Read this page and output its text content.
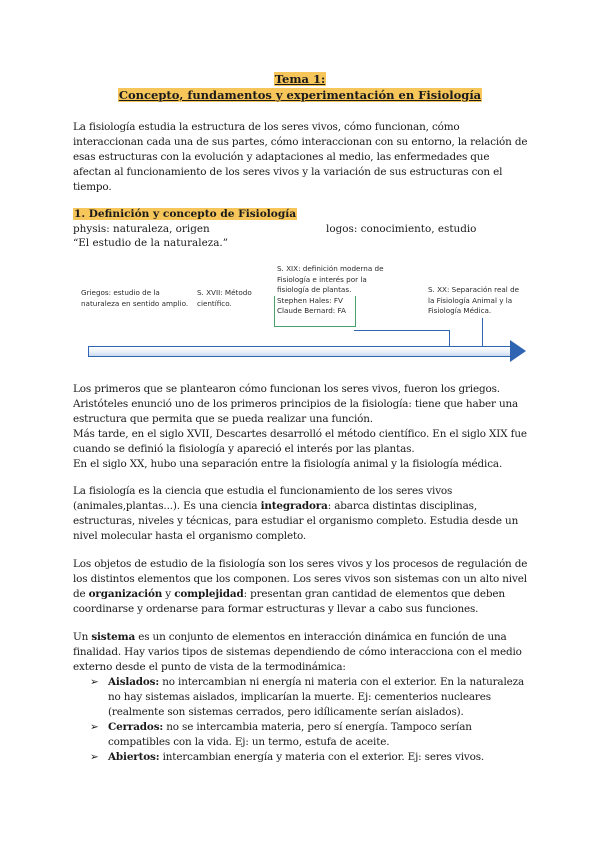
Tema 1:
Concepto, fundamentos y experimentación en Fisiología
La fisiología estudia la estructura de los seres vivos, cómo funcionan, cómo interaccionan cada una de sus partes, cómo interaccionan con su entorno, la relación de esas estructuras con la evolución y adaptaciones al medio, las enfermedades que afectan al funcionamiento de los seres vivos y la variación de sus estructuras con el tiempo.
1. Definición y concepto de Fisiología
physis: naturaleza, origen	logos: conocimiento, estudio
“El estudio de la naturaleza.”
Griegos: estudio de la naturaleza en sentido amplio.
S. XVII: Método científico.
S. XIX: definición moderna de Fisiología e interés por la fisiología de plantas.
Stephen Hales: FV
Claude Bernard: FA
S. XX: Separación real de la Fisiología Animal y la Fisiología Médica.

Los primeros que se plantearon cómo funcionan los seres vivos, fueron los griegos.

Aristóteles enunció uno de los primeros principios de la fisiología: tiene que haber una estructura que permita que se pueda realizar una función.

Más tarde, en el siglo XVII, Descartes desarrolló el método científico. En el siglo XIX fue cuando se definió la fisiología y apareció el interés por las plantas.

En el siglo XX, hubo una separación entre la fisiología animal y la fisiología médica.

La fisiología es la ciencia que estudia el funcionamiento de los seres vivos (animales,plantas...). Es una ciencia integradora: abarca distintas disciplinas, estructuras, niveles y técnicas, para estudiar el organismo completo. Estudia desde un nivel molecular hasta el organismo completo.
Los objetos de estudio de la fisiología son los seres vivos y los procesos de regulación de los distintos elementos que los componen. Los seres vivos son sistemas con un alto nivel de organización y complejidad: presentan gran cantidad de elementos que deben coordinarse y ordenarse para formar estructuras y llevar a cabo sus funciones.

Un sistema es un conjunto de elementos en interacción dinámica en función de una finalidad. Hay varios tipos de sistemas dependiendo de cómo interacciona con el medio externo desde el punto de vista de la termodinámica:

➢ Aislados: no intercambian ni energía ni materia con el exterior. En la naturaleza no hay sistemas aislados, implicarían la muerte. Ej: cementerios nucleares (realmente son sistemas cerrados, pero idílicamente serían aislados).
➢ Cerrados: no se intercambia materia, pero sí energía. Tampoco serían compatibles con la vida. Ej: un termo, estufa de aceite.
➢ Abiertos: intercambian energía y materia con el exterior. Ej: seres vivos.
